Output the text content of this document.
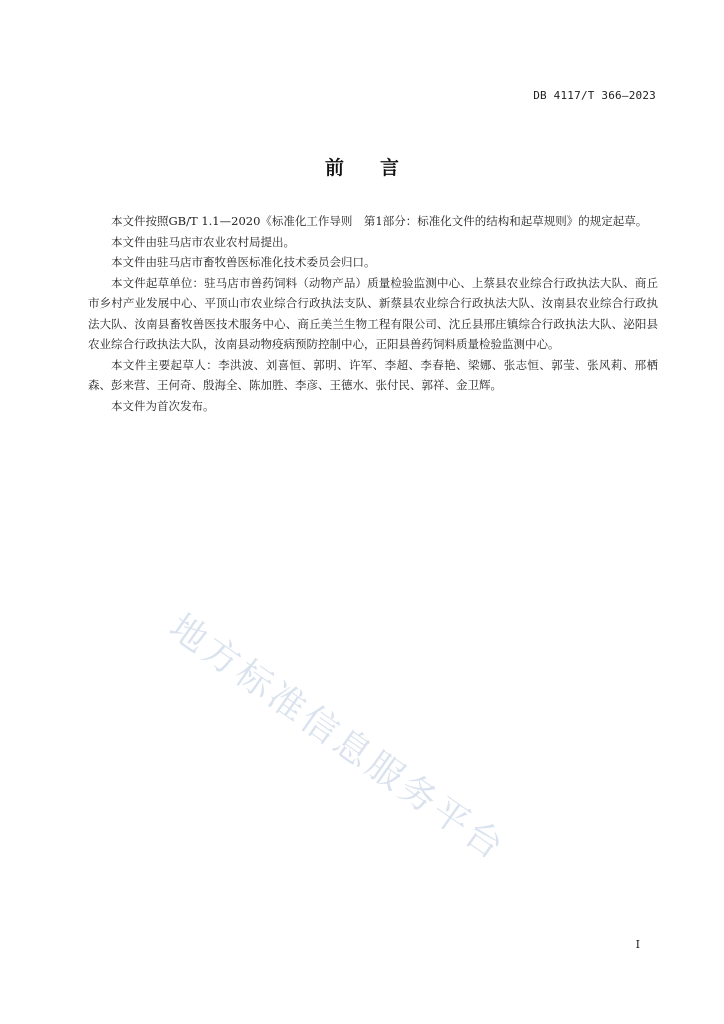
DB 4117/T 366—2023
前言

本文件按照GB/T 1.1—2020《标准化工作导则　第1部分：标准化文件的结构和起草规则》的规定起草。

本文件由驻马店市农业农村局提出。

本文件由驻马店市畜牧兽医标准化技术委员会归口。

本文件起草单位：驻马店市兽药饲料（动物产品）质量检验监测中心、上蔡县农业综合行政执法大队、商丘市乡村产业发展中心、平顶山市农业综合行政执法支队、新蔡县农业综合行政执法大队、汝南县农业综合行政执法大队、汝南县畜牧兽医技术服务中心、商丘美兰生物工程有限公司、沈丘县邢庄镇综合行政执法大队、泌阳县农业综合行政执法大队，汝南县动物疫病预防控制中心，正阳县兽药饲料质量检验监测中心。

本文件主要起草人：李洪波、刘喜恒、郭明、许军、李超、李春艳、梁娜、张志恒、郭莹、张风莉、邢栖森、彭来营、王何奇、殷海全、陈加胜、李彦、王德水、张付民、郭祥、金卫辉。

本文件为首次发布。

地方标准信息服务平台
I
